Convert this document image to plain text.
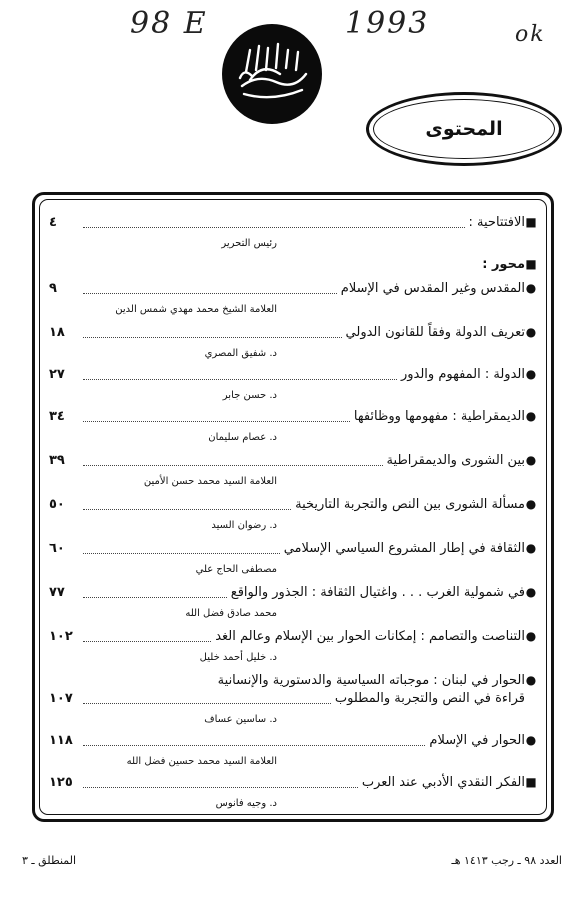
98 E	1993	ok
المحتوى
■
الافتتاحية :
٤
رئيس التحرير
■
محور :
●
المقدس وغير المقدس في الإسلام
٩
العلامة الشيخ محمد مهدي شمس الدين
●
تعريف الدولة وفقاً للقانون الدولي
١٨
د. شفيق المصري
●
الدولة : المفهوم والدور
٢٧
د. حسن جابر
●
الديمقراطية : مفهومها ووظائفها
٣٤
د. عصام سليمان
●
بين الشورى والديمقراطية
٣٩
العلامة السيد محمد حسن الأمين
●
مسألة الشورى بين النص والتجربة التاريخية
٥٠
د. رضوان السيد
●
الثقافة في إطار المشروع السياسي الإسلامي
٦٠
مصطفى الحاج علي
●
في شمولية الغرب . . . واغتيال الثقافة : الجذور والواقع
٧٧
محمد صادق فضل الله
●
التناصت والتصامم : إمكانات الحوار بين الإسلام وعالم الغد
١٠٢
د. خليل أحمد خليل
●
الحوار في لبنان : موجباته السياسية والدستورية والإنسانية
قراءة في النص والتجربة والمطلوب
١٠٧
د. ساسين عساف
●
الحوار في الإسلام
١١٨
العلامة السيد محمد حسين فضل الله
■
الفكر النقدي الأدبي عند العرب
١٢٥
د. وجيه فانوس
العدد ٩٨ ـ رجب ١٤١٣ هـ
المنطلق ـ ٣
